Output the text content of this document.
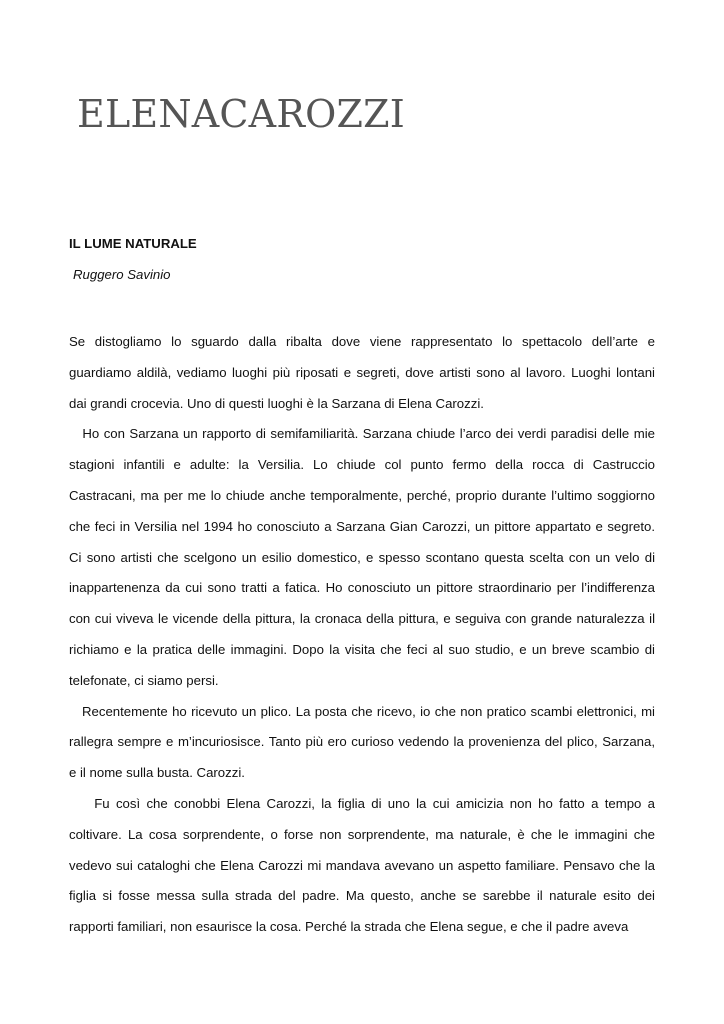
ELENACAROZZI
IL LUME NATURALE

Ruggero Savinio

Se distogliamo lo sguardo dalla ribalta dove viene rappresentato lo spettacolo dell’arte e
guardiamo aldilà, vediamo luoghi più riposati e segreti, dove artisti sono al lavoro. Luoghi lontani
dai grandi crocevia. Uno di questi luoghi è la Sarzana di Elena Carozzi.
Ho con Sarzana un rapporto di semifamiliarità. Sarzana chiude l’arco dei verdi paradisi delle mie
stagioni infantili e adulte: la Versilia. Lo chiude col punto fermo della rocca di Castruccio
Castracani, ma per me lo chiude anche temporalmente, perché, proprio durante l’ultimo soggiorno
che feci in Versilia nel 1994 ho conosciuto a Sarzana Gian Carozzi, un pittore appartato e segreto.
Ci sono artisti che scelgono un esilio domestico, e spesso scontano questa scelta con un velo di
inappartenenza da cui sono tratti a fatica. Ho conosciuto un pittore straordinario per l’indifferenza
con cui viveva le vicende della pittura, la cronaca della pittura, e seguiva con grande naturalezza il
richiamo e la pratica delle immagini. Dopo la visita che feci al suo studio, e un breve scambio di
telefonate, ci siamo persi.
Recentemente ho ricevuto un plico. La posta che ricevo, io che non pratico scambi elettronici, mi
rallegra sempre e m’incuriosisce. Tanto più ero curioso vedendo la provenienza del plico, Sarzana,
e il nome sulla busta. Carozzi.
Fu così che conobbi Elena Carozzi, la figlia di uno la cui amicizia non ho fatto a tempo a
coltivare. La cosa sorprendente, o forse non sorprendente, ma naturale, è che le immagini che
vedevo sui cataloghi che Elena Carozzi mi mandava avevano un aspetto familiare. Pensavo che la
figlia si fosse messa sulla strada del padre. Ma questo, anche se sarebbe il naturale esito dei
rapporti familiari, non esaurisce la cosa. Perché la strada che Elena segue, e che il padre aveva
